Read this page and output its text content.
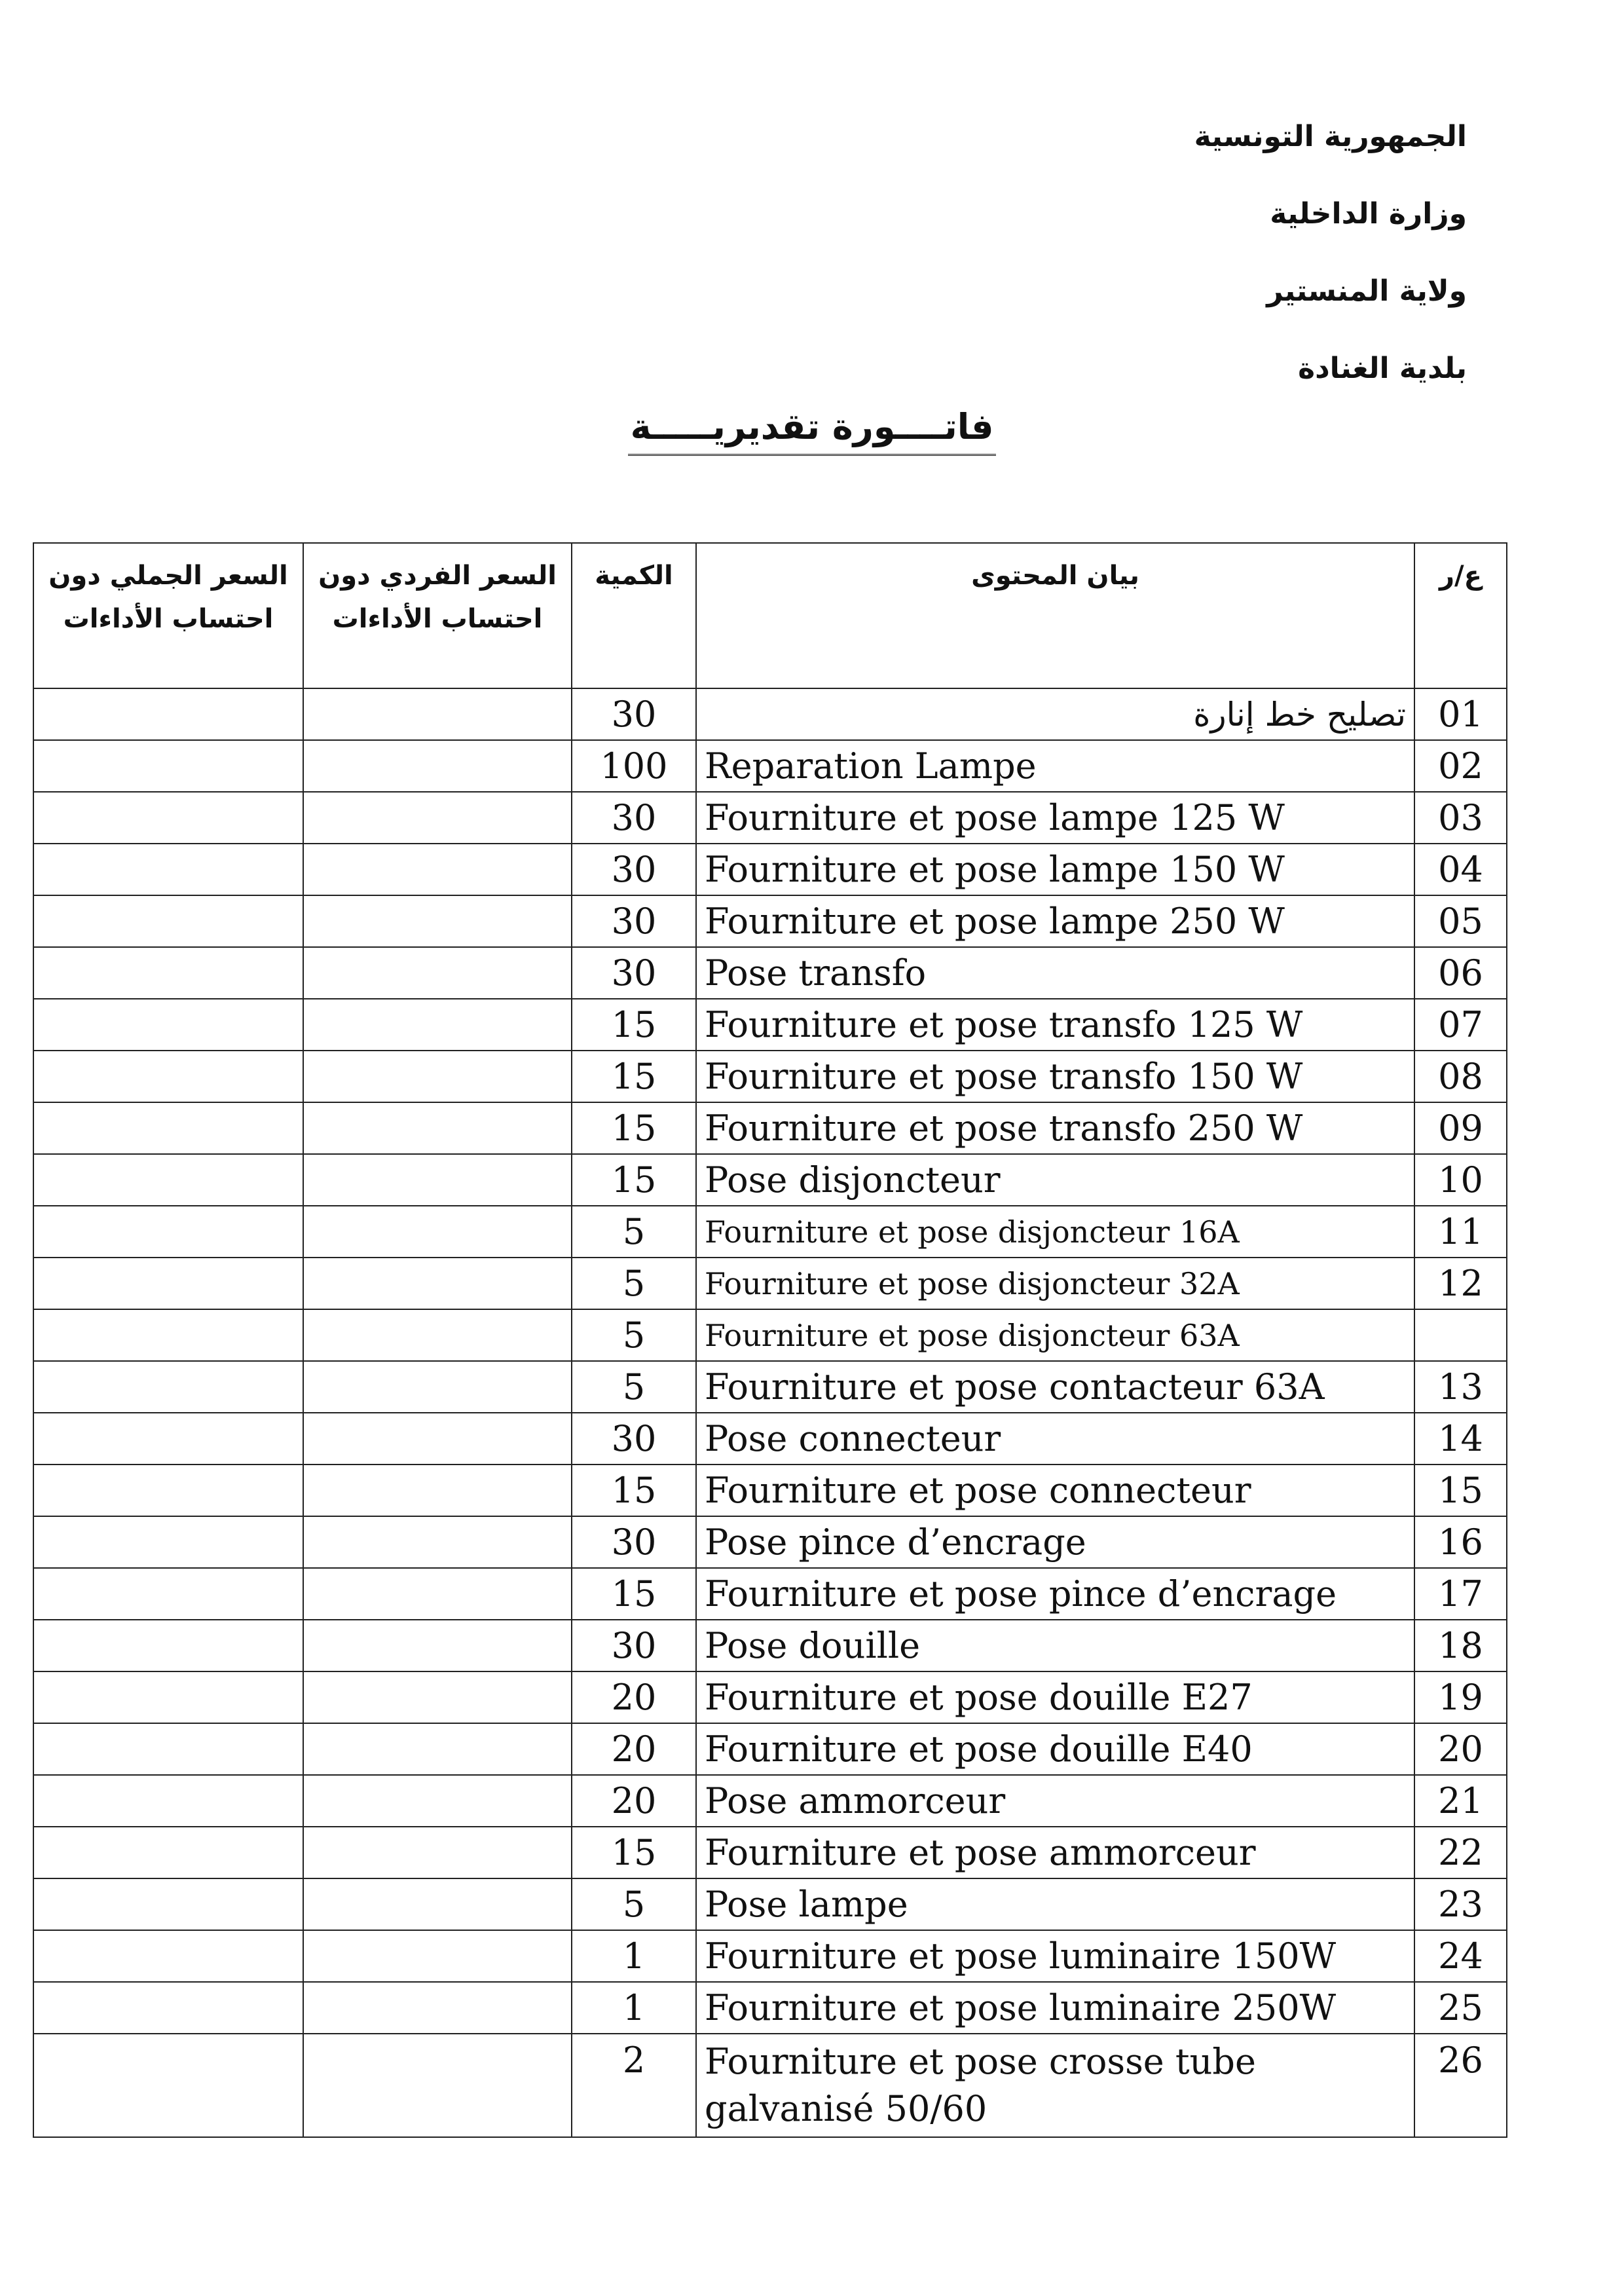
الجمهورية التونسية
وزارة الداخلية
ولاية المنستير
بلدية الغنادة
فاتــــورة تقديريـــــة
السعر الجملي دون احتساب الأداءات	السعر الفردي دون احتساب الأداءات	الكمية	بيان المحتوى	ع/ر
		30	تصليح خط إنارة	01
		100	Reparation Lampe	02
		30	Fourniture et pose lampe 125 W	03
		30	Fourniture et pose lampe 150 W	04
		30	Fourniture et pose lampe 250 W	05
		30	Pose transfo	06
		15	Fourniture et pose transfo 125 W	07
		15	Fourniture et pose transfo 150 W	08
		15	Fourniture et pose transfo 250 W	09
		15	Pose disjoncteur	10
		5	Fourniture et pose disjoncteur 16A	11
		5	Fourniture et pose disjoncteur 32A	12
		5	Fourniture et pose disjoncteur 63A	
		5	Fourniture et pose contacteur 63A	13
		30	Pose connecteur	14
		15	Fourniture et pose connecteur	15
		30	Pose pince d’encrage	16
		15	Fourniture et pose pince d’encrage	17
		30	Pose douille	18
		20	Fourniture et pose douille E27	19
		20	Fourniture et pose douille E40	20
		20	Pose ammorceur	21
		15	Fourniture et pose ammorceur	22
		5	Pose lampe	23
		1	Fourniture et pose luminaire 150W	24
		1	Fourniture et pose luminaire 250W	25
		2	Fourniture et pose crosse tube galvanisé 50/60	26
